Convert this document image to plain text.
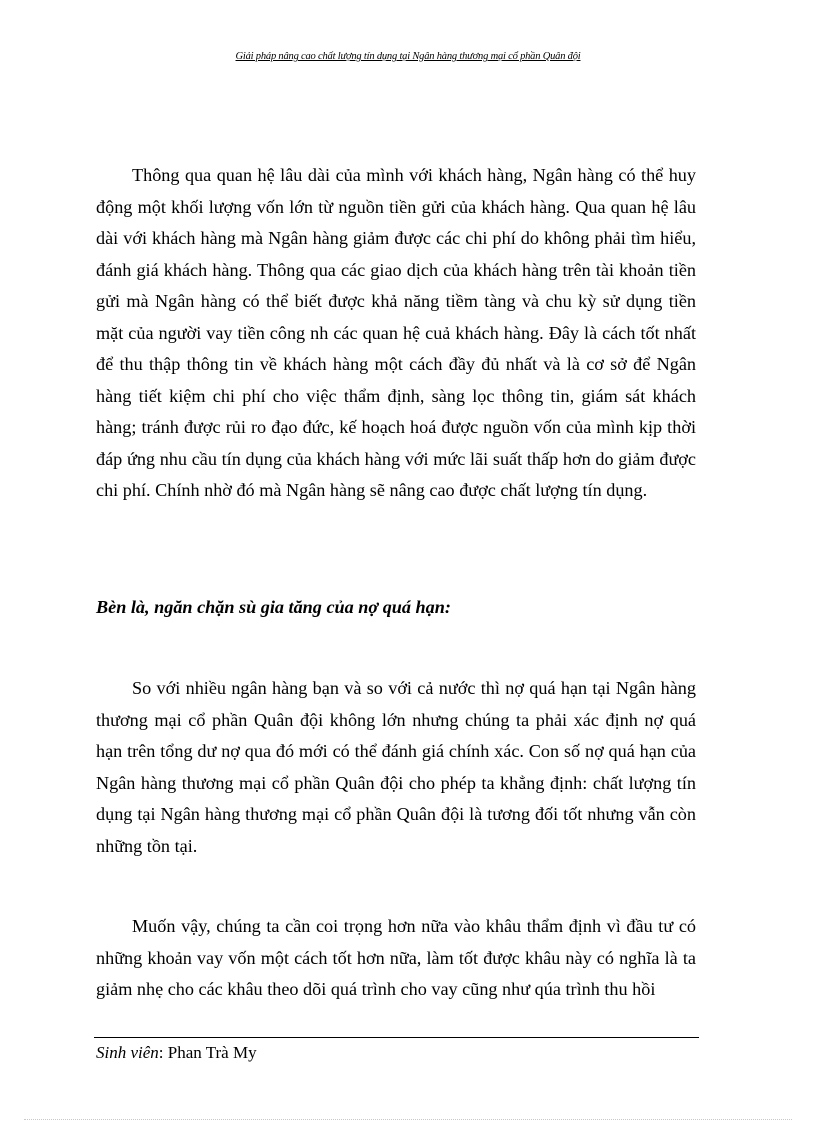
Giải pháp nâng cao chất lượng tín dụng tại Ngân hàng thương mại cổ phần Quân đội

Thông qua quan hệ lâu dài của mình với khách hàng, Ngân hàng có thể huy động một khối lượng vốn lớn từ nguồn tiền gửi của khách hàng. Qua quan hệ lâu dài với khách hàng mà Ngân hàng giảm được các chi phí do không phải tìm hiểu, đánh giá khách hàng. Thông qua các giao dịch của khách hàng trên tài khoản tiền gửi mà Ngân hàng có thể biết được khả năng tiềm tàng và chu kỳ sử dụng tiền mặt của người vay tiền công nh các quan hệ cuả khách hàng. Đây là cách tốt nhất để thu thập thông tin về khách hàng một cách đầy đủ nhất và là cơ sở để Ngân hàng tiết kiệm chi phí cho việc thẩm định, sàng lọc thông tin, giám sát khách hàng; tránh được rủi ro đạo đức, kế hoạch hoá được nguồn vốn của mình kịp thời đáp ứng nhu cầu tín dụng của khách hàng với mức lãi suất thấp hơn do giảm được chi phí. Chính nhờ đó mà Ngân hàng sẽ nâng cao được chất lượng tín dụng.

Bèn là, ngăn chặn sù gia tăng của nợ quá hạn:

So với nhiều ngân hàng bạn và so với cả nước thì nợ quá hạn tại Ngân hàng thương mại cổ phần Quân đội không lớn nhưng chúng ta phải xác định nợ quá hạn trên tổng dư nợ qua đó mới có thể đánh giá chính xác. Con số nợ quá hạn của Ngân hàng thương mại cổ phần Quân đội cho phép ta khẳng định: chất lượng tín dụng tại Ngân hàng thương mại cổ phần Quân đội là tương đối tốt nhưng vẫn còn những tồn tại.

Muốn vậy, chúng ta cần coi trọng hơn nữa vào khâu thẩm định vì đầu tư có những khoản vay vốn một cách tốt hơn nữa, làm tốt được khâu này có nghĩa là ta giảm nhẹ cho các khâu theo dõi quá trình cho vay cũng như qúa trình thu hồi

Sinh viên: Phan Trà My
